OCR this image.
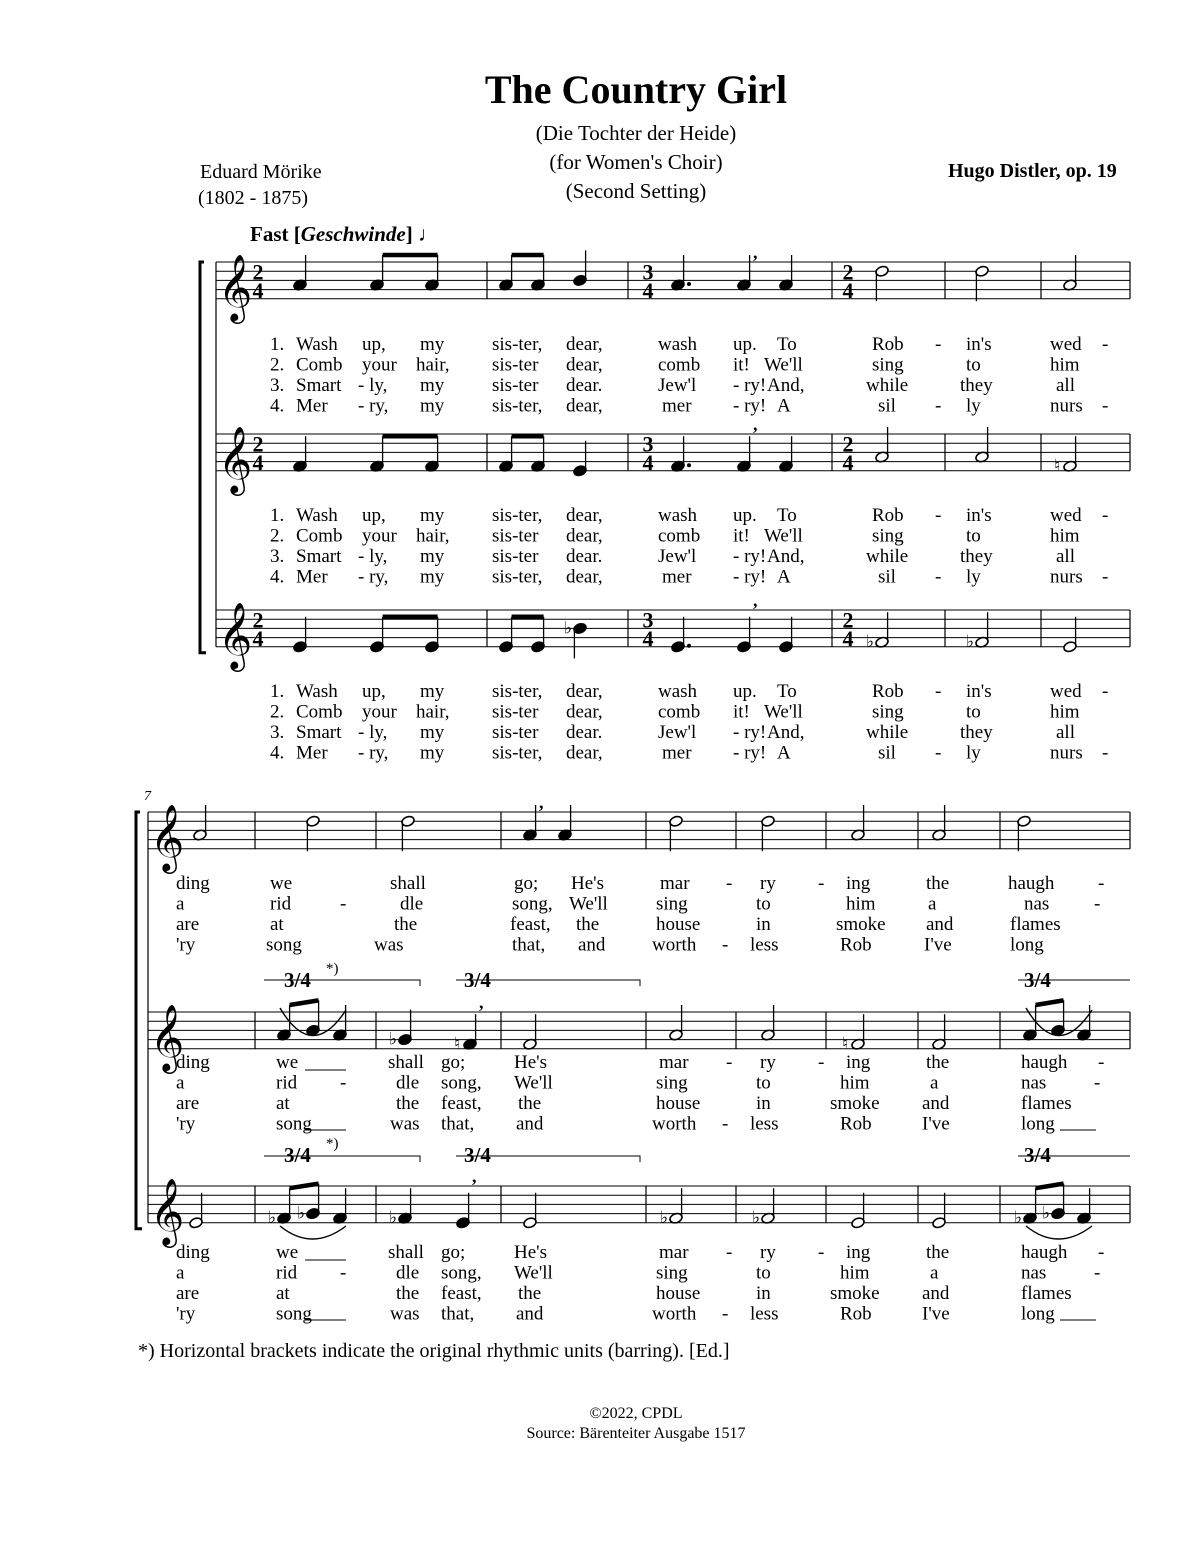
The Country Girl
(Die Tochter der Heide)
(for Women's Choir)
(Second Setting)
Eduard Mörike
(1802 - 1875)
Hugo Distler, op. 19
Fast [Geschwinde] ♩
𝄞 2
4
3
4
2
4
𝄞 2
4
3
4
2
4
𝄞 2
4
3
4
2
4
,
,
♮
♭
,
♭	♭
1. Wash up, my	sis-ter, dear,	wash up. To	Rob - in's	wed -
2. Comb your hair, sis-ter dear,	comb it! We'll	sing	to	him
3. Smart - ly, my	sis-ter dear.	Jew'l - ry! And,	while	they	all
4. Mer - ry, my	sis-ter, dear,	mer - ry! A	sil - ly	nurs -
1. Wash up, my	sis-ter, dear,	wash up. To	Rob - in's	wed -
2. Comb your hair, sis-ter dear,	comb it! We'll	sing	to	him
3. Smart - ly, my	sis-ter dear.	Jew'l - ry! And,	while	they	all
4. Mer - ry, my	sis-ter, dear,	mer - ry! A	sil - ly	nurs -
1. Wash up, my	sis-ter, dear,	wash up. To	Rob - in's	wed -
2. Comb your hair, sis-ter dear,	comb it! We'll	sing	to	him
3. Smart - ly, my	sis-ter dear.	Jew'l - ry! And,	while	they	all
4. Mer - ry, my	sis-ter, dear,	mer - ry! A	sil - ly	nurs -
7
𝄞
𝄞
𝄞
,
♭	♮
,
♮
♭ ♭	♭
,
♭	♭	♭ ♭
3/4 *)	3/4	3/4
3/4 *)	3/4	3/4
ding	we	shall	go; He's	mar - ry - ing	the	haugh -
a	rid	-	dle	song, We'll	sing	to	him	a	nas -
are	at	the	feast, the	house	in	smoke and	flames
'ry	song	was	that, and worth - less	Rob	I've	long
ding	we	shall go;	He's	mar - ry - ing	the	haugh -
a	rid -	dle song, We'll	sing	to	him	a	nas	-
are	at	the feast, the	house	in	smoke and	flames
'ry	song	was that, and	worth - less	Rob	I've	long
ding	we	shall go;	He's	mar - ry - ing	the	haugh -
a	rid -	dle song, We'll	sing	to	him	a	nas	-
are	at	the feast, the	house	in	smoke and	flames
'ry	song	was that, and	worth - less	Rob	I've	long
*) Horizontal brackets indicate the original rhythmic units (barring). [Ed.]
©2022, CPDL
Source: Bärenteiter Ausgabe 1517
